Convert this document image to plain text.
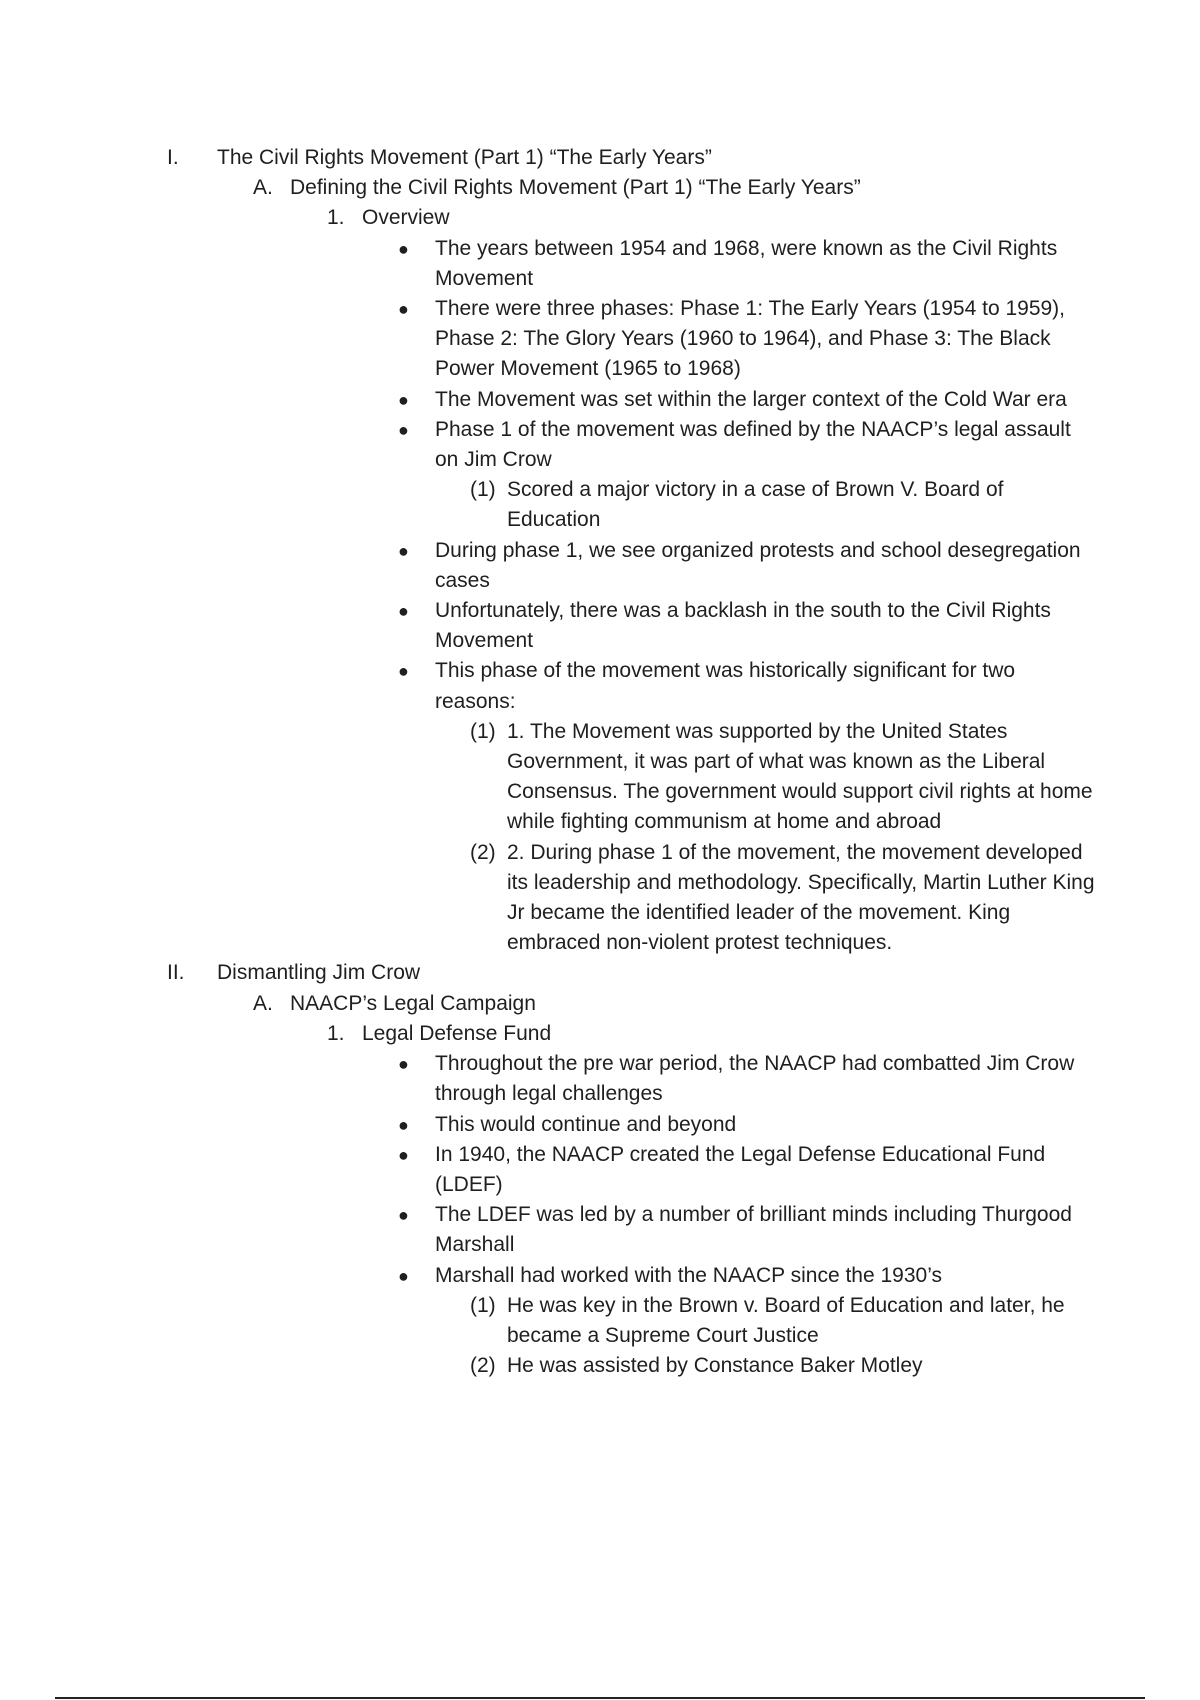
I. The Civil Rights Movement (Part 1) “The Early Years”
A. Defining the Civil Rights Movement (Part 1) “The Early Years”
1. Overview
● The years between 1954 and 1968, were known as the Civil Rights Movement
● There were three phases: Phase 1: The Early Years (1954 to 1959), Phase 2: The Glory Years (1960 to 1964), and Phase 3: The Black Power Movement (1965 to 1968)
● The Movement was set within the larger context of the Cold War era
● Phase 1 of the movement was defined by the NAACP’s legal assault on Jim Crow
(1) Scored a major victory in a case of Brown V. Board of Education
● During phase 1, we see organized protests and school desegregation cases
● Unfortunately, there was a backlash in the south to the Civil Rights Movement
● This phase of the movement was historically significant for two reasons:
(1) 1. The Movement was supported by the United States Government, it was part of what was known as the Liberal Consensus. The government would support civil rights at home while fighting communism at home and abroad
(2) 2. During phase 1 of the movement, the movement developed its leadership and methodology. Specifically, Martin Luther King Jr became the identified leader of the movement. King embraced non-violent protest techniques.
II. Dismantling Jim Crow
A. NAACP’s Legal Campaign
1. Legal Defense Fund
● Throughout the pre war period, the NAACP had combatted Jim Crow through legal challenges
● This would continue and beyond
● In 1940, the NAACP created the Legal Defense Educational Fund (LDEF)
● The LDEF was led by a number of brilliant minds including Thurgood Marshall
● Marshall had worked with the NAACP since the 1930’s
(1) He was key in the Brown v. Board of Education and later, he became a Supreme Court Justice
(2) He was assisted by Constance Baker Motley
